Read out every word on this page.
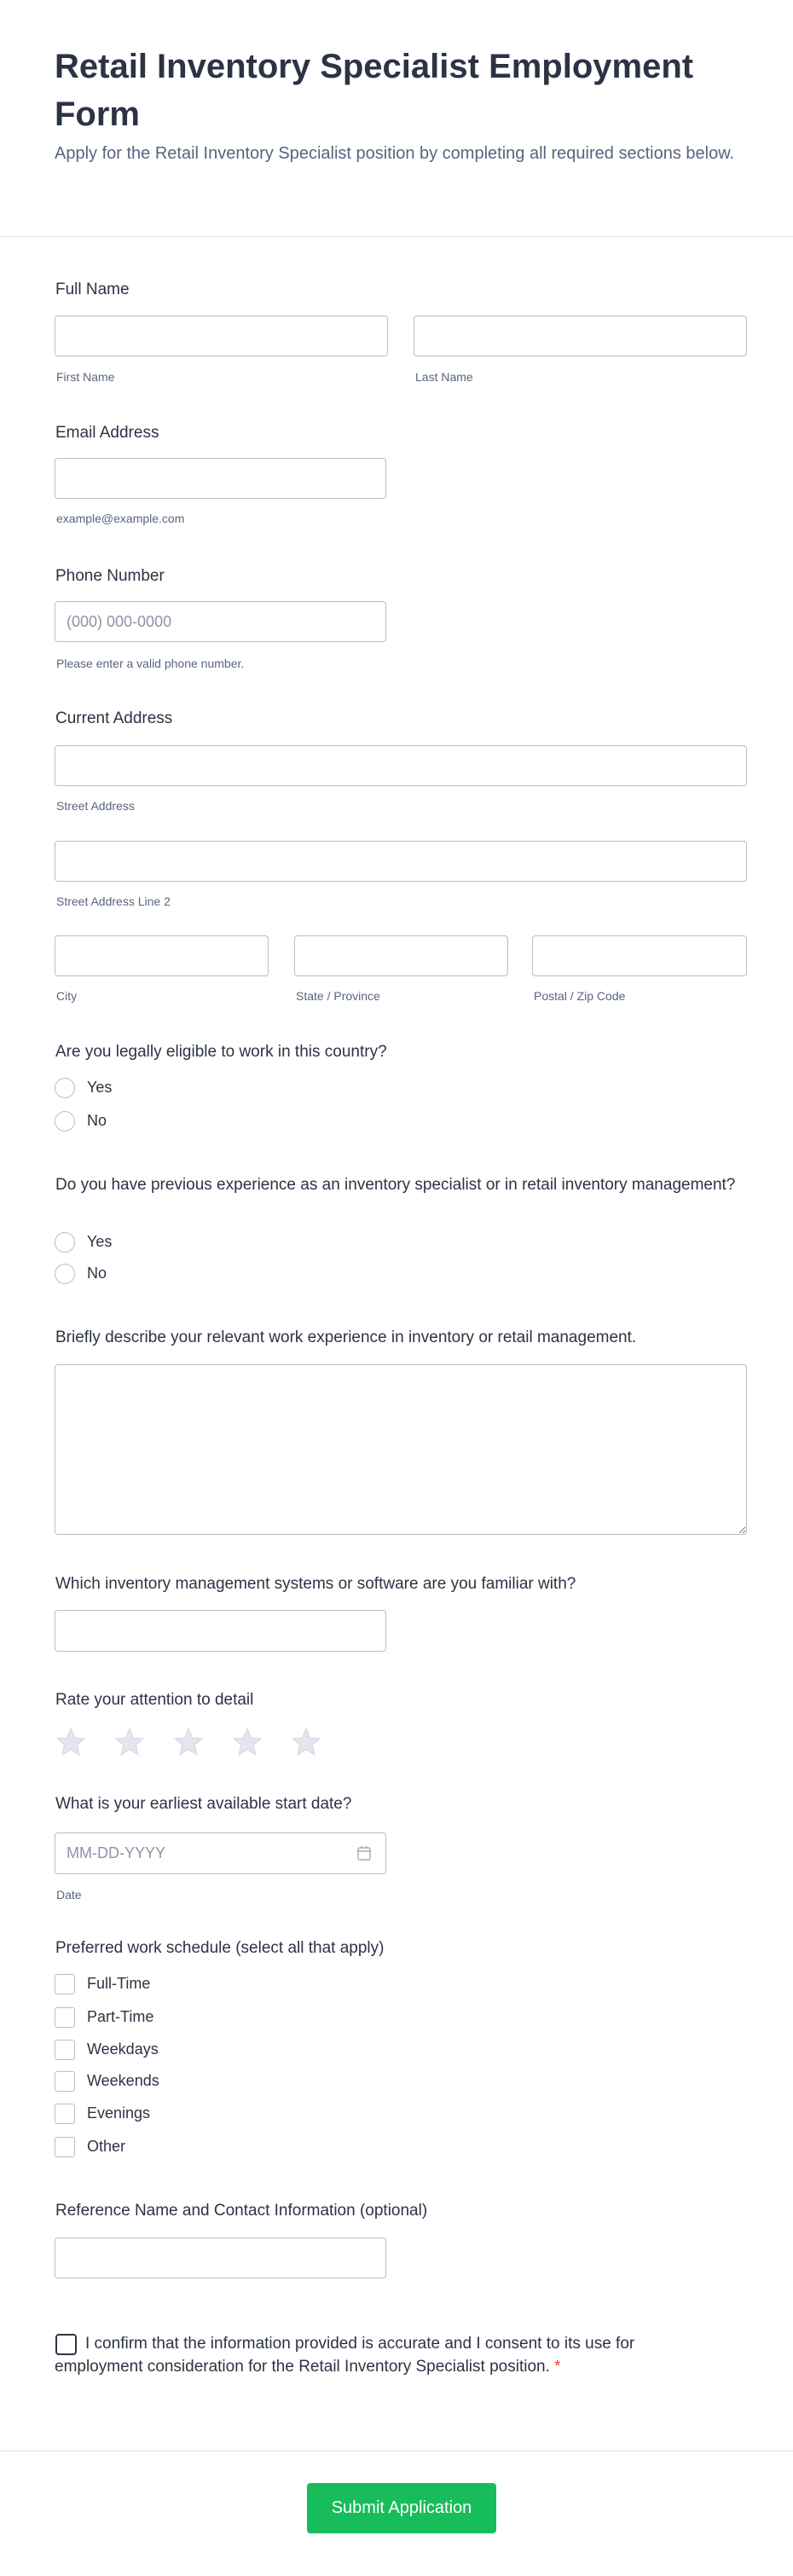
Retail Inventory Specialist Employment Form
Apply for the Retail Inventory Specialist position by completing all required sections below.
Full Name
First Name	Last Name
Email Address
example@example.com
Phone Number
(000) 000-0000
Please enter a valid phone number.
Current Address
Street Address
Street Address Line 2
City	State / Province	Postal / Zip Code
Are you legally eligible to work in this country?
Yes
No
Do you have previous experience as an inventory specialist or in retail inventory management?
Yes
No
Briefly describe your relevant work experience in inventory or retail management.
Which inventory management systems or software are you familiar with?
Rate your attention to detail
What is your earliest available start date?
MM-DD-YYYY
Date
Preferred work schedule (select all that apply)
Full-Time
Part-Time
Weekdays
Weekends
Evenings
Other
Reference Name and Contact Information (optional)
I confirm that the information provided is accurate and I consent to its use for employment consideration for the Retail Inventory Specialist position. *
Submit Application
